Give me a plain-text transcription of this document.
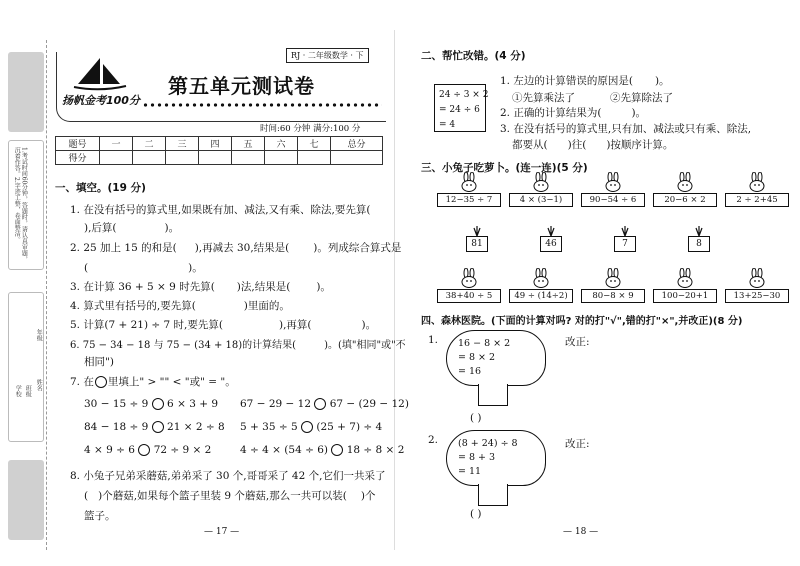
1.考试时间60分钟，答题时，请认真审题，沉着作答。2.字迹工整，卷面整洁。
学校 班级
年级
姓名
扬帆金考100分
RJ · 二年级数学 · 下
第五单元测试卷
时间:60 分钟 满分:100 分
题号	一	二	三	四	五	六	七	总分
得分								
一、填空。(19 分)
1. 在没有括号的算式里,如果既有加、减法,又有乘、除法,要先算(
),后算(	)。
2. 25 加上 15 的和是( ),再减去 30,结果是( )。列成综合算式是
(	)。
3. 在计算 36 + 5 × 9 时先算( )法,结果是( )。
4. 算式里有括号的,要先算(	)里面的。
5. 计算(7 + 21) ÷ 7 时,要先算(	),再算(	)。
6. 75 − 34 − 18 与 75 − (34 + 18)的计算结果(	)。(填"相同"或"不
相同")
7. 在 里填上" > "" < "或" = "。
30 − 15 ÷ 9 6 × 3 + 9 67 − 29 − 12 67 − (29 − 12)
84 − 18 ÷ 9 21 × 2 ÷ 8 5 + 35 ÷ 5 (25 + 7) ÷ 4
4 × 9 ÷ 6 72 ÷ 9 × 2	4 ÷ 4 × (54 ÷ 6) 18 ÷ 8 × 2
8. 小兔子兄弟采蘑菇,弟弟采了 30 个,哥哥采了 42 个,它们一共采了
( )个蘑菇,如果每个篮子里装 9 个蘑菇,那么一共可以装( )个
篮子。
— 17 —
二、帮忙改错。(4 分)
24 ÷ 3 × 2
= 24 ÷ 6
= 4
1. 左边的计算错误的原因是( )。
①先算乘法了	②先算除法了
2. 正确的计算结果为(	)。
3. 在没有括号的算式里,只有加、减法或只有乘、除法,
都要从( )往( )按顺序计算。
三、小兔子吃萝卜。(连一连)(5 分)
12−35 ÷ 7	4 × (3−1)	90−54 ÷ 6	20−6 × 2	2 ÷ 2+45
81	46	7	8
38+40 ÷ 5	49 ÷ (14÷2)	80−8 × 9	100−20+1	13+25−30
四、森林医院。(下面的计算对吗? 对的打"√",错的打"×",并改正)(8 分)
1. 16 − 8 × 2
= 8 × 2
= 16
改正:
( )
2. (8 + 24) ÷ 8
= 8 + 3
= 11
改正:
( )
— 18 —
